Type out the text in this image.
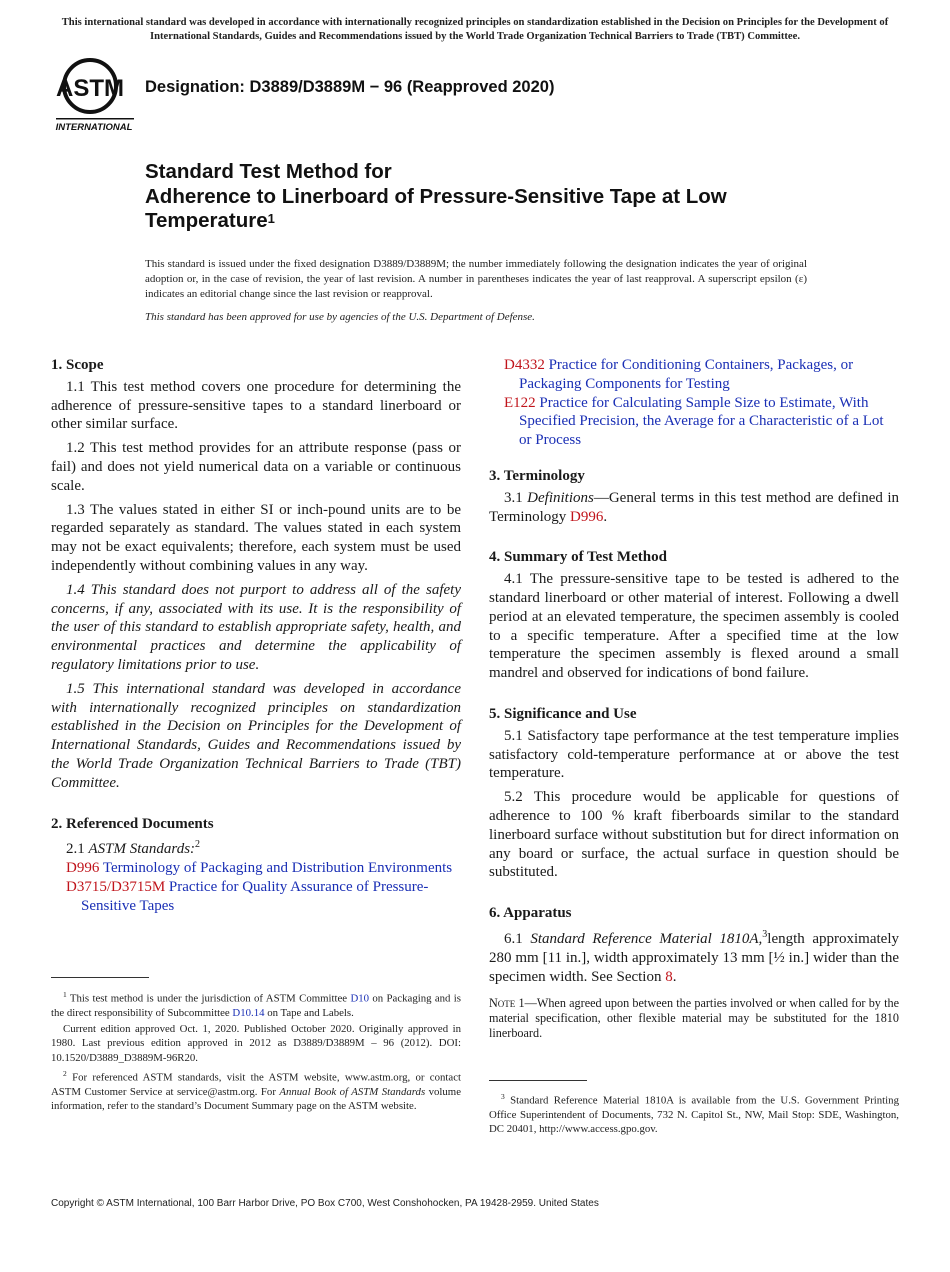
This international standard was developed in accordance with internationally recognized principles on standardization established in the Decision on Principles for the Development of International Standards, Guides and Recommendations issued by the World Trade Organization Technical Barriers to Trade (TBT) Committee.
ASTM
INTERNATIONAL
Designation: D3889/D3889M − 96 (Reapproved 2020)
Standard Test Method for
Adherence to Linerboard of Pressure-Sensitive Tape at Low
Temperature$^1$
This standard is issued under the fixed designation D3889/D3889M; the number immediately following the designation indicates the year of original adoption or, in the case of revision, the year of last revision. A number in parentheses indicates the year of last reapproval. A superscript epsilon (ε) indicates an editorial change since the last revision or reapproval.
This standard has been approved for use by agencies of the U.S. Department of Defense.
1. Scope
1.1 This test method covers one procedure for determining the adherence of pressure-sensitive tapes to a standard linerboard or other similar surface.
1.2 This test method provides for an attribute response (pass or fail) and does not yield numerical data on a variable or continuous scale.
1.3 The values stated in either SI or inch-pound units are to be regarded separately as standard. The values stated in each system may not be exact equivalents; therefore, each system must be used independently without combining values in any way.
1.4 This standard does not purport to address all of the safety concerns, if any, associated with its use. It is the responsibility of the user of this standard to establish appropriate safety, health, and environmental practices and determine the applicability of regulatory limitations prior to use.
1.5 This international standard was developed in accordance with internationally recognized principles on standardization established in the Decision on Principles for the Development of International Standards, Guides and Recommendations issued by the World Trade Organization Technical Barriers to Trade (TBT) Committee.
2. Referenced Documents
2.1 ASTM Standards:$^2$
D996 Terminology of Packaging and Distribution Environments
D3715/D3715M Practice for Quality Assurance of Pressure-Sensitive Tapes

$^1$ This test method is under the jurisdiction of ASTM Committee D10 on Packaging and is the direct responsibility of Subcommittee D10.14 on Tape and Labels.

Current edition approved Oct. 1, 2020. Published October 2020. Originally approved in 1980. Last previous edition approved in 2012 as D3889/D3889M – 96 (2012). DOI: 10.1520/D3889_D3889M-96R20.

$^2$ For referenced ASTM standards, visit the ASTM website, www.astm.org, or contact ASTM Customer Service at service@astm.org. For Annual Book of ASTM Standards volume information, refer to the standard’s Document Summary page on the ASTM website.

D4332 Practice for Conditioning Containers, Packages, or Packaging Components for Testing
E122 Practice for Calculating Sample Size to Estimate, With Specified Precision, the Average for a Characteristic of a Lot or Process
3. Terminology
3.1 Definitions—General terms in this test method are defined in Terminology D996.
4. Summary of Test Method
4.1 The pressure-sensitive tape to be tested is adhered to the standard linerboard or other material of interest. Following a dwell period at an elevated temperature, the specimen assembly is cooled to a specific temperature. After a specified time at the low temperature the specimen assembly is flexed around a small mandrel and observed for indications of bond failure.
5. Significance and Use
5.1 Satisfactory tape performance at the test temperature implies satisfactory cold-temperature performance at or above the test temperature.
5.2 This procedure would be applicable for questions of adherence to 100 % kraft fiberboards similar to the standard linerboard surface without substitution but for direct information on any board or surface, the actual surface in question should be substituted.
6. Apparatus
6.1 Standard Reference Material 1810A,$^3$length approximately 280 mm [11 in.], width approximately 13 mm [½ in.] wider than the specimen width. See Section 8.
Note 1—When agreed upon between the parties involved or when called for by the material specification, other flexible material may be substituted for the 1810 linerboard.

$^3$ Standard Reference Material 1810A is available from the U.S. Government Printing Office Superintendent of Documents, 732 N. Capitol St., NW, Mail Stop: SDE, Washington, DC 20401, http://www.access.gpo.gov.

Copyright © ASTM International, 100 Barr Harbor Drive, PO Box C700, West Conshohocken, PA 19428-2959. United States
